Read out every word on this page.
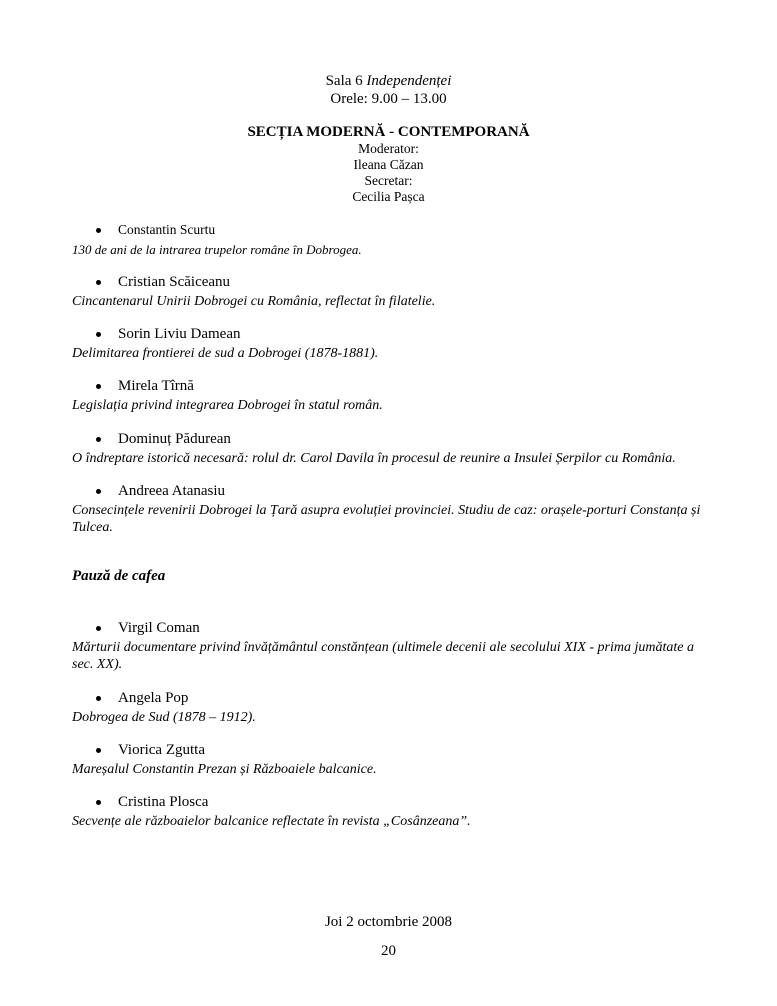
Sala 6 Independenței
Orele: 9.00 – 13.00
SECȚIA MODERNĂ - CONTEMPORANĂ
Moderator:
Ileana Căzan
Secretar:
Cecilia Pașca
Constantin Scurtu
130 de ani de la intrarea trupelor române în Dobrogea.
Cristian Scăiceanu
Cincantenarul Unirii Dobrogei cu România, reflectat în filatelie.
Sorin Liviu Damean
Delimitarea frontierei de sud a Dobrogei (1878-1881).
Mirela Tîrnă
Legislația privind integrarea Dobrogei în statul român.
Dominuț Pădurean
O îndreptare istorică necesară: rolul dr. Carol Davila în procesul de reunire a Insulei Șerpilor cu România.
Andreea Atanasiu
Consecințele revenirii Dobrogei la Țară asupra evoluției provinciei. Studiu de caz: orașele-porturi Constanța și Tulcea.
Pauză de cafea
Virgil Coman
Mărturii documentare privind învățământul constănțean (ultimele decenii ale secolului XIX - prima jumătate a sec. XX).
Angela Pop
Dobrogea de Sud (1878 – 1912).
Viorica Zgutta
Mareșalul Constantin Prezan și Războaiele balcanice.
Cristina Plosca
Secvențe ale războaielor balcanice reflectate în revista „Cosânzeana”.
Joi 2 octombrie 2008
20
